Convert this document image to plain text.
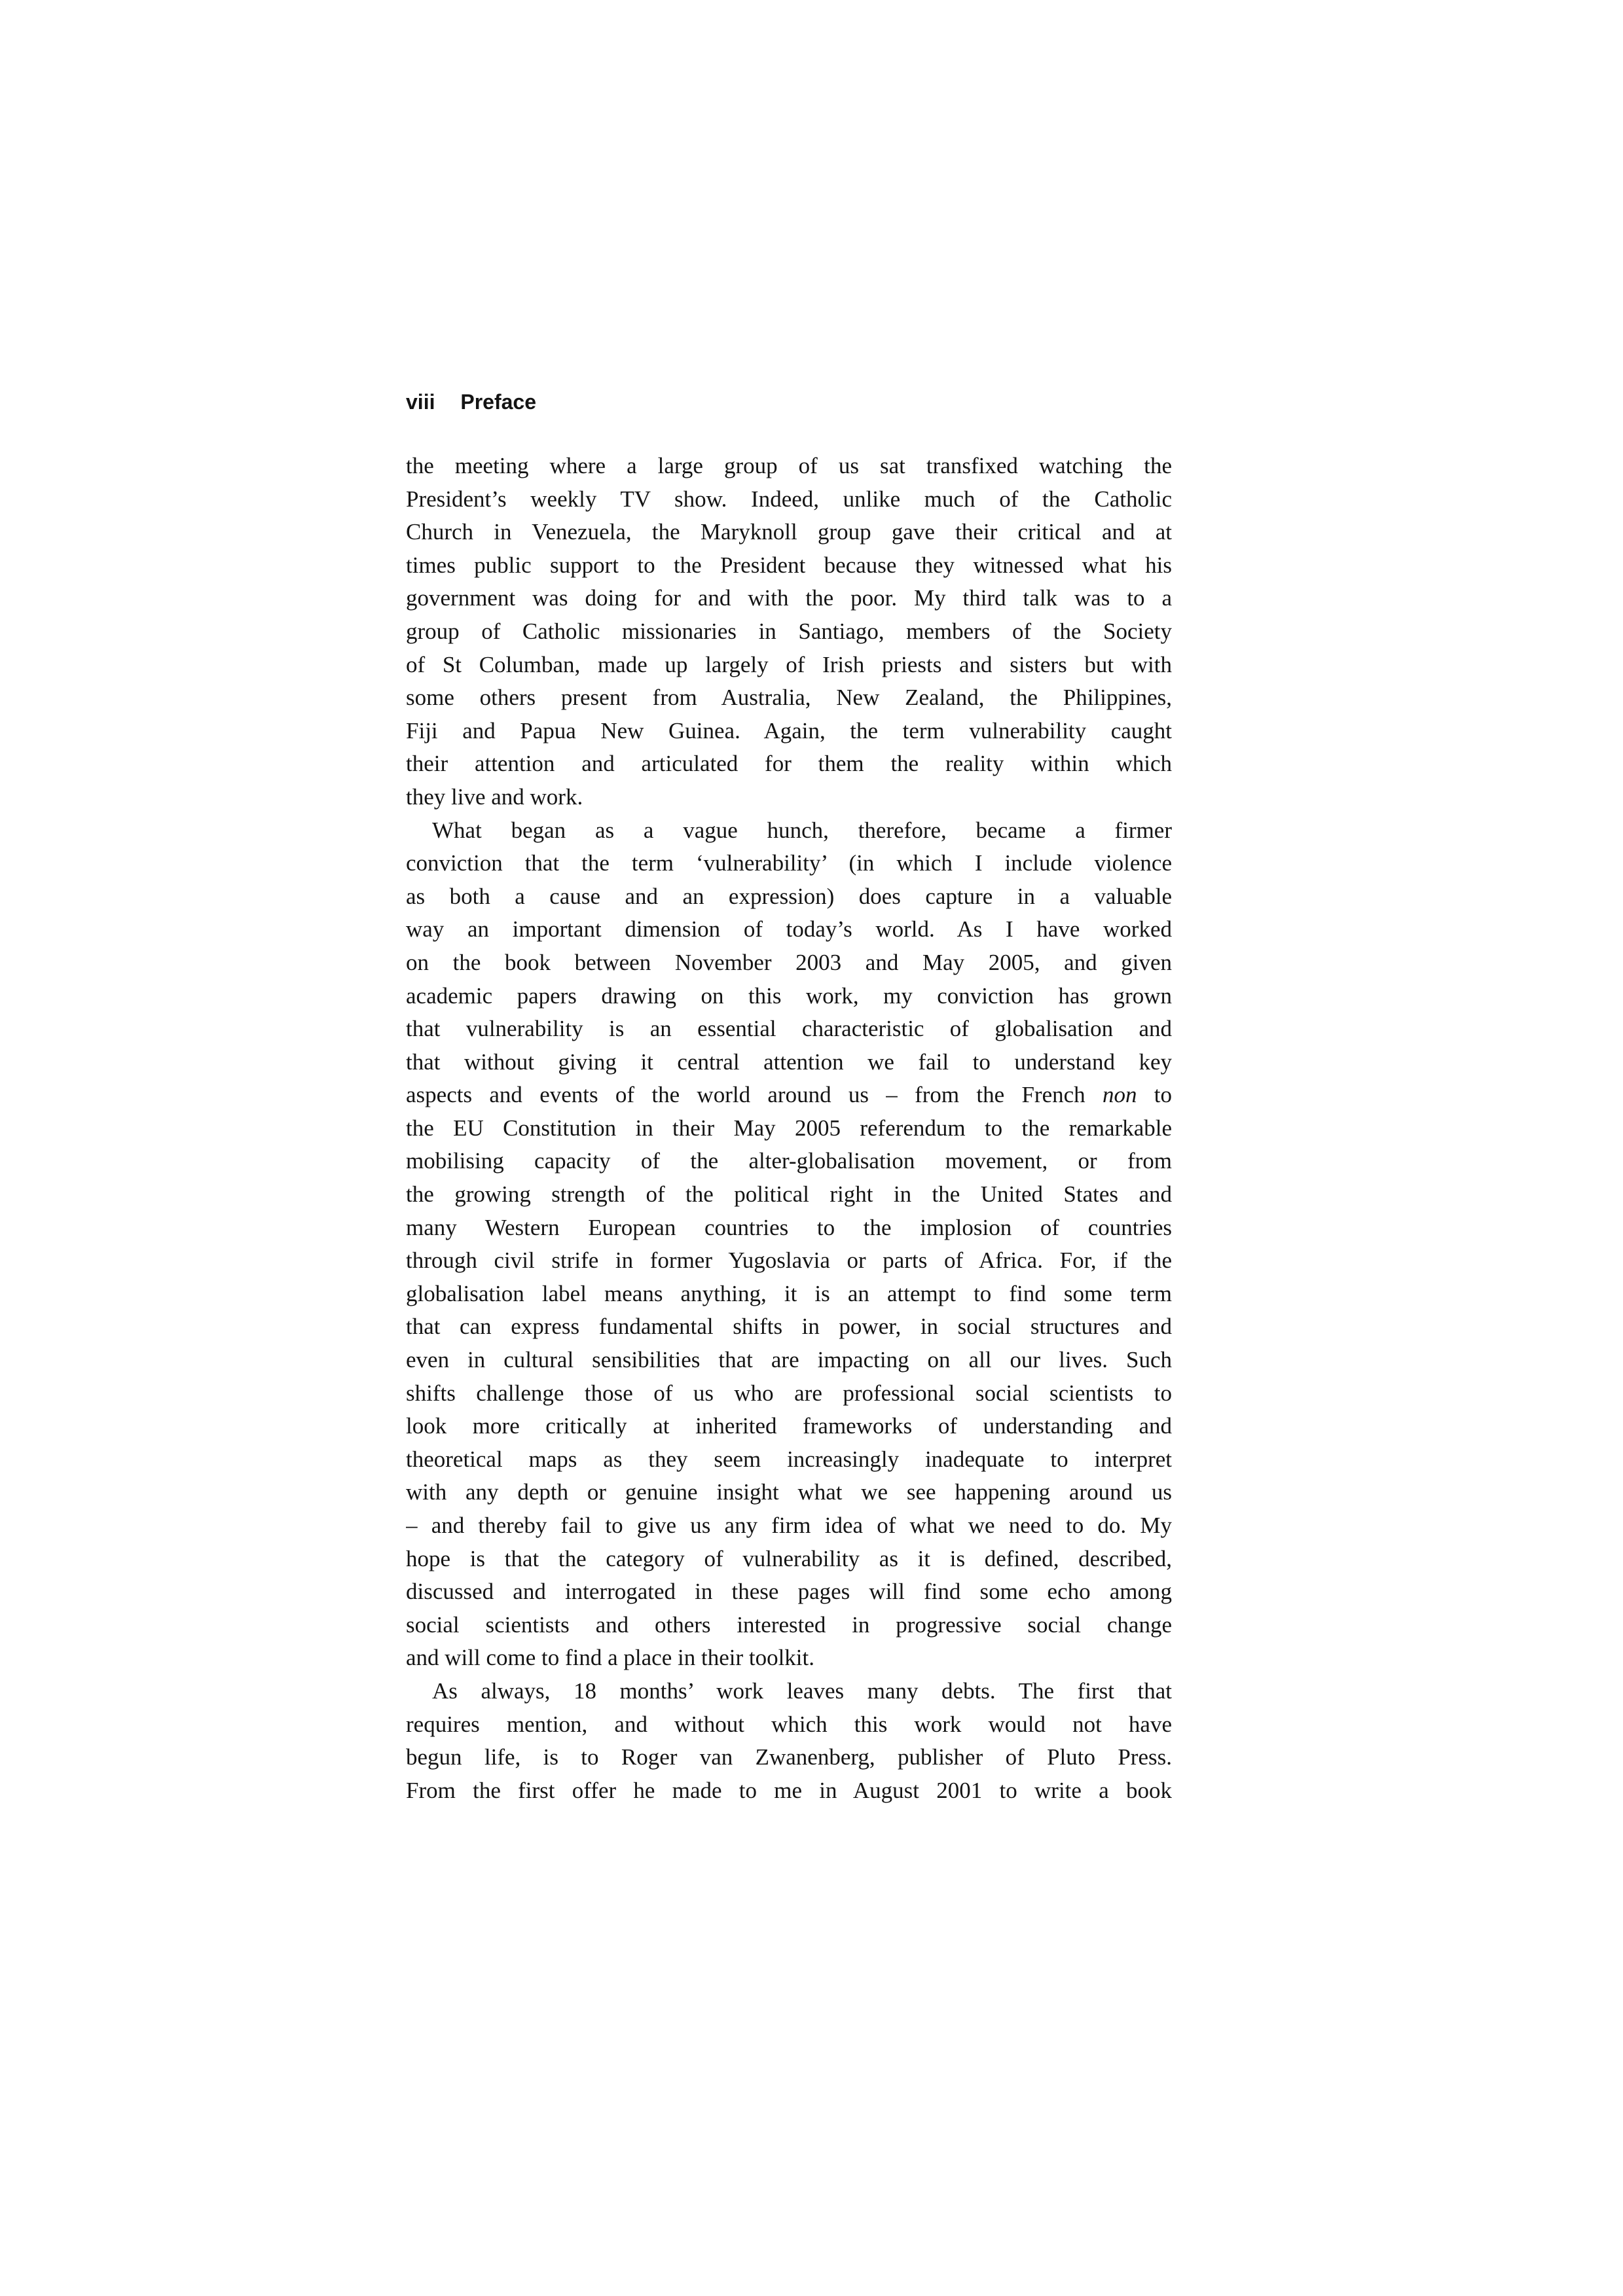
viii Preface
the meeting where a large group of us sat transfixed watching the
President’s weekly TV show. Indeed, unlike much of the Catholic
Church in Venezuela, the Maryknoll group gave their critical and at
times public support to the President because they witnessed what his
government was doing for and with the poor. My third talk was to a
group of Catholic missionaries in Santiago, members of the Society
of St Columban, made up largely of Irish priests and sisters but with
some others present from Australia, New Zealand, the Philippines,
Fiji and Papua New Guinea. Again, the term vulnerability caught
their attention and articulated for them the reality within which
they live and work.
What began as a vague hunch, therefore, became a firmer
conviction that the term ‘vulnerability’ (in which I include violence
as both a cause and an expression) does capture in a valuable
way an important dimension of today’s world. As I have worked
on the book between November 2003 and May 2005, and given
academic papers drawing on this work, my conviction has grown
that vulnerability is an essential characteristic of globalisation and
that without giving it central attention we fail to understand key
aspects and events of the world around us – from the French non to
the EU Constitution in their May 2005 referendum to the remarkable
mobilising capacity of the alter-globalisation movement, or from
the growing strength of the political right in the United States and
many Western European countries to the implosion of countries
through civil strife in former Yugoslavia or parts of Africa. For, if the
globalisation label means anything, it is an attempt to find some term
that can express fundamental shifts in power, in social structures and
even in cultural sensibilities that are impacting on all our lives. Such
shifts challenge those of us who are professional social scientists to
look more critically at inherited frameworks of understanding and
theoretical maps as they seem increasingly inadequate to interpret
with any depth or genuine insight what we see happening around us
– and thereby fail to give us any firm idea of what we need to do. My
hope is that the category of vulnerability as it is defined, described,
discussed and interrogated in these pages will find some echo among
social scientists and others interested in progressive social change
and will come to find a place in their toolkit.
As always, 18 months’ work leaves many debts. The first that
requires mention, and without which this work would not have
begun life, is to Roger van Zwanenberg, publisher of Pluto Press.
From the first offer he made to me in August 2001 to write a book
